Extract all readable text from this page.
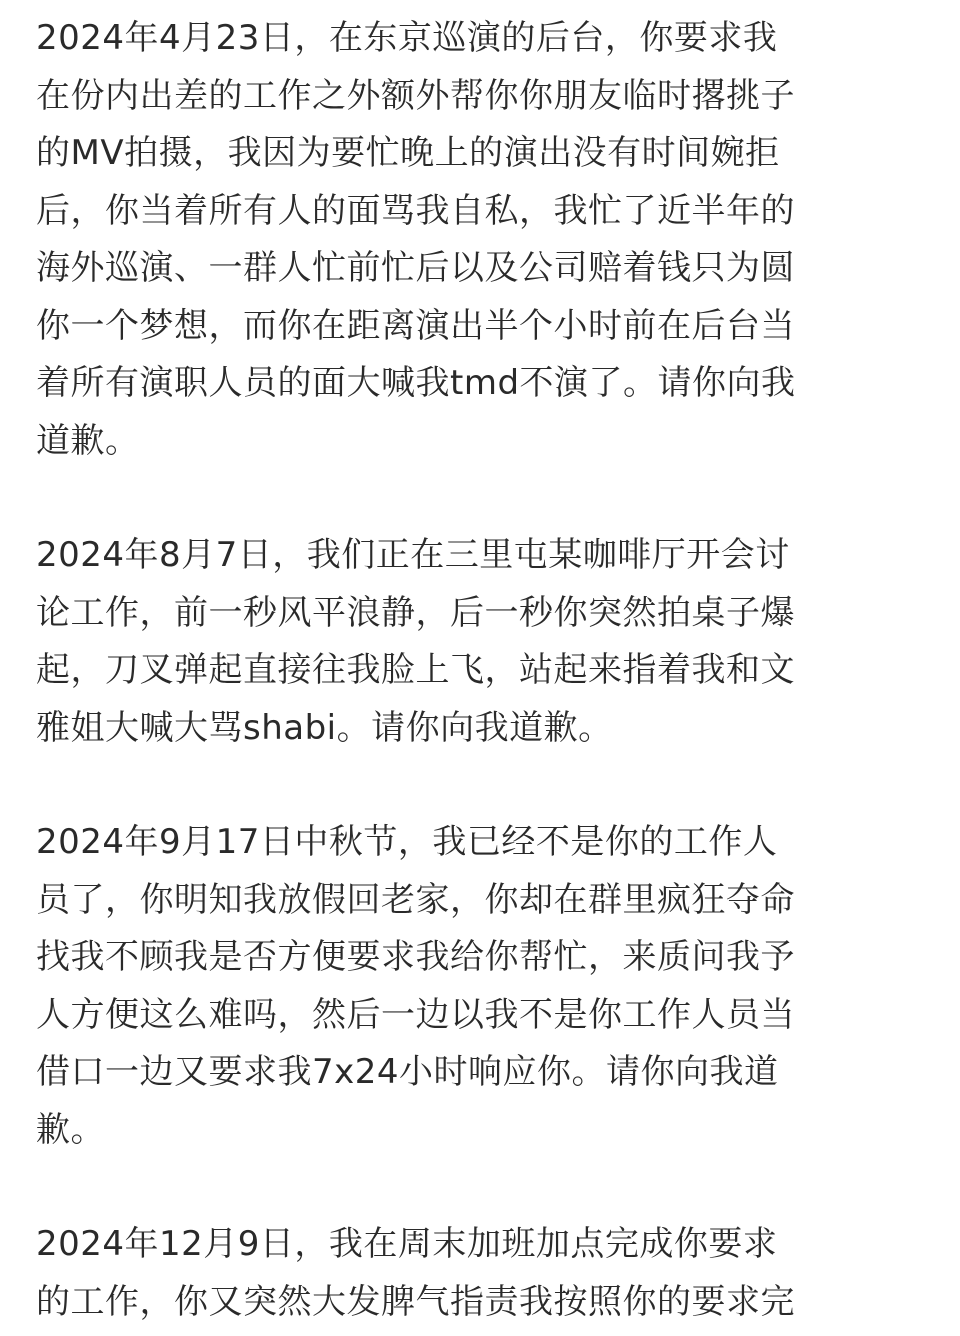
2024年4月23日，在东京巡演的后台，你要求我
在份内出差的工作之外额外帮你你朋友临时撂挑子
的MV拍摄，我因为要忙晚上的演出没有时间婉拒
后，你当着所有人的面骂我自私，我忙了近半年的
海外巡演、一群人忙前忙后以及公司赔着钱只为圆
你一个梦想，而你在距离演出半个小时前在后台当
着所有演职人员的面大喊我tmd不演了。请你向我
道歉。
2024年8月7日，我们正在三里屯某咖啡厅开会讨
论工作，前一秒风平浪静，后一秒你突然拍桌子爆
起，刀叉弹起直接往我脸上飞，站起来指着我和文
雅姐大喊大骂shabi。请你向我道歉。
2024年9月17日中秋节，我已经不是你的工作人
员了，你明知我放假回老家，你却在群里疯狂夺命
找我不顾我是否方便要求我给你帮忙，来质问我予
人方便这么难吗，然后一边以我不是你工作人员当
借口一边又要求我7x24小时响应你。请你向我道
歉。
2024年12月9日，我在周末加班加点完成你要求
的工作，你又突然大发脾气指责我按照你的要求完
